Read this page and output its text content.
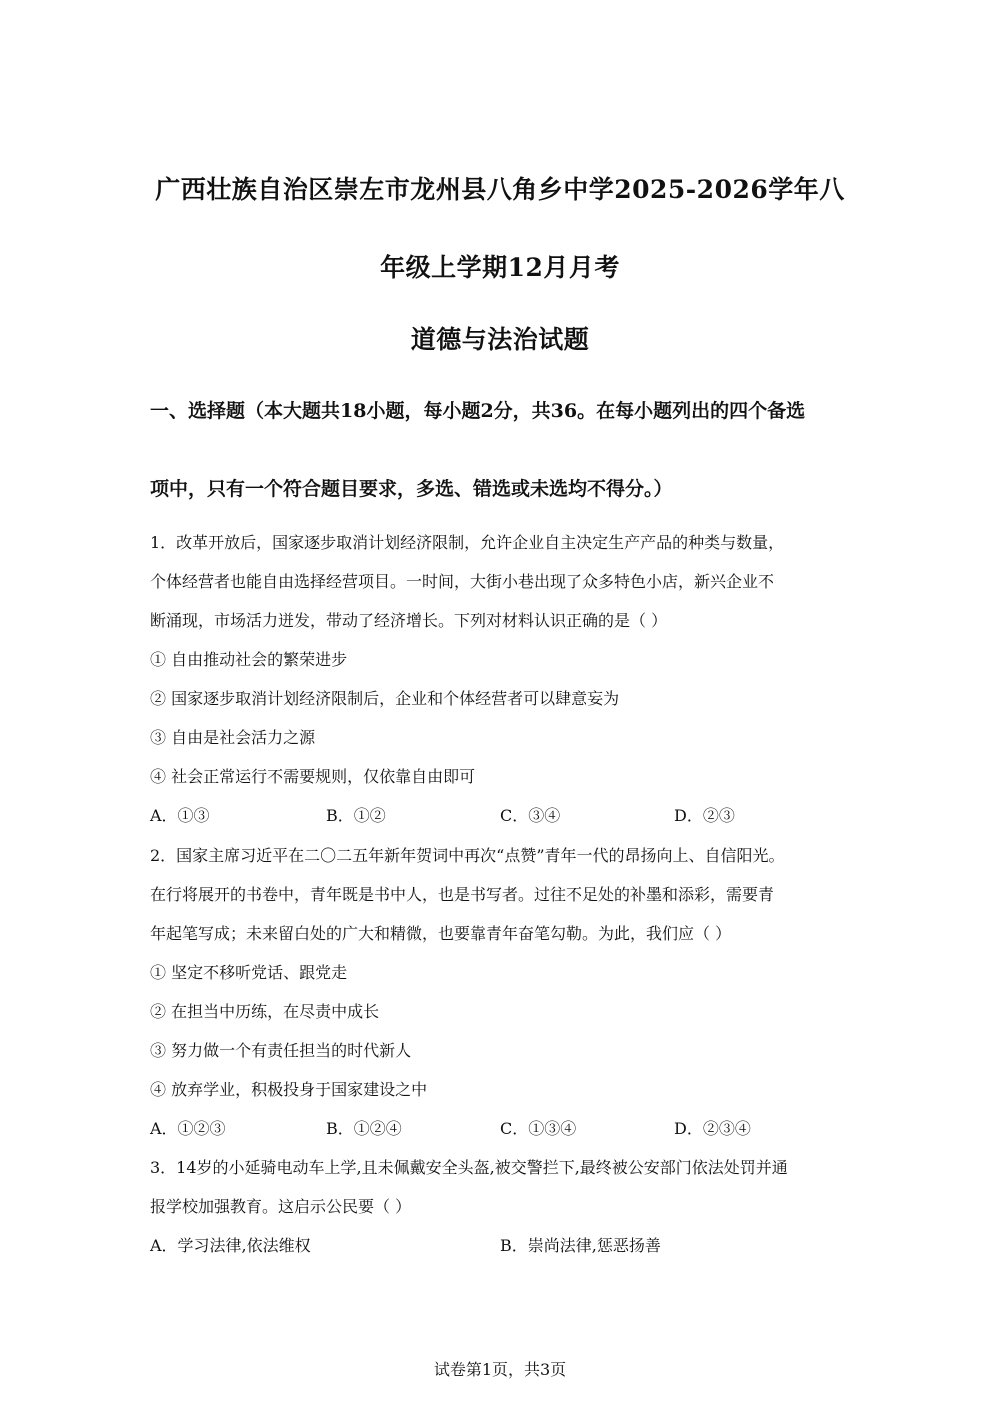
广西壮族自治区崇左市龙州县八角乡中学2025-2026学年八
年级上学期12月月考
道德与法治试题
一、选择题（本大题共18小题，每小题2分，共36。在每小题列出的四个备选
项中，只有一个符合题目要求，多选、错选或未选均不得分。）
1．改革开放后，国家逐步取消计划经济限制，允许企业自主决定生产产品的种类与数量，
个体经营者也能自由选择经营项目。一时间，大街小巷出现了众多特色小店，新兴企业不
断涌现，市场活力迸发，带动了经济增长。下列对材料认识正确的是（ ）
① 自由推动社会的繁荣进步
② 国家逐步取消计划经济限制后，企业和个体经营者可以肆意妄为
③ 自由是社会活力之源
④ 社会正常运行不需要规则，仅依靠自由即可
A．①③	B．①②	C．③④	D．②③
2．国家主席习近平在二〇二五年新年贺词中再次“点赞”青年一代的昂扬向上、自信阳光。
在行将展开的书卷中，青年既是书中人，也是书写者。过往不足处的补墨和添彩，需要青
年起笔写成；未来留白处的广大和精微，也要靠青年奋笔勾勒。为此，我们应（ ）
① 坚定不移听党话、跟党走
② 在担当中历练，在尽责中成长
③ 努力做一个有责任担当的时代新人
④ 放弃学业，积极投身于国家建设之中
A．①②③	B．①②④	C．①③④	D．②③④
3．14岁的小延骑电动车上学,且未佩戴安全头盔,被交警拦下,最终被公安部门依法处罚并通
报学校加强教育。这启示公民要（ ）
A．学习法律,依法维权	B．崇尚法律,惩恶扬善
试卷第1页，共3页
